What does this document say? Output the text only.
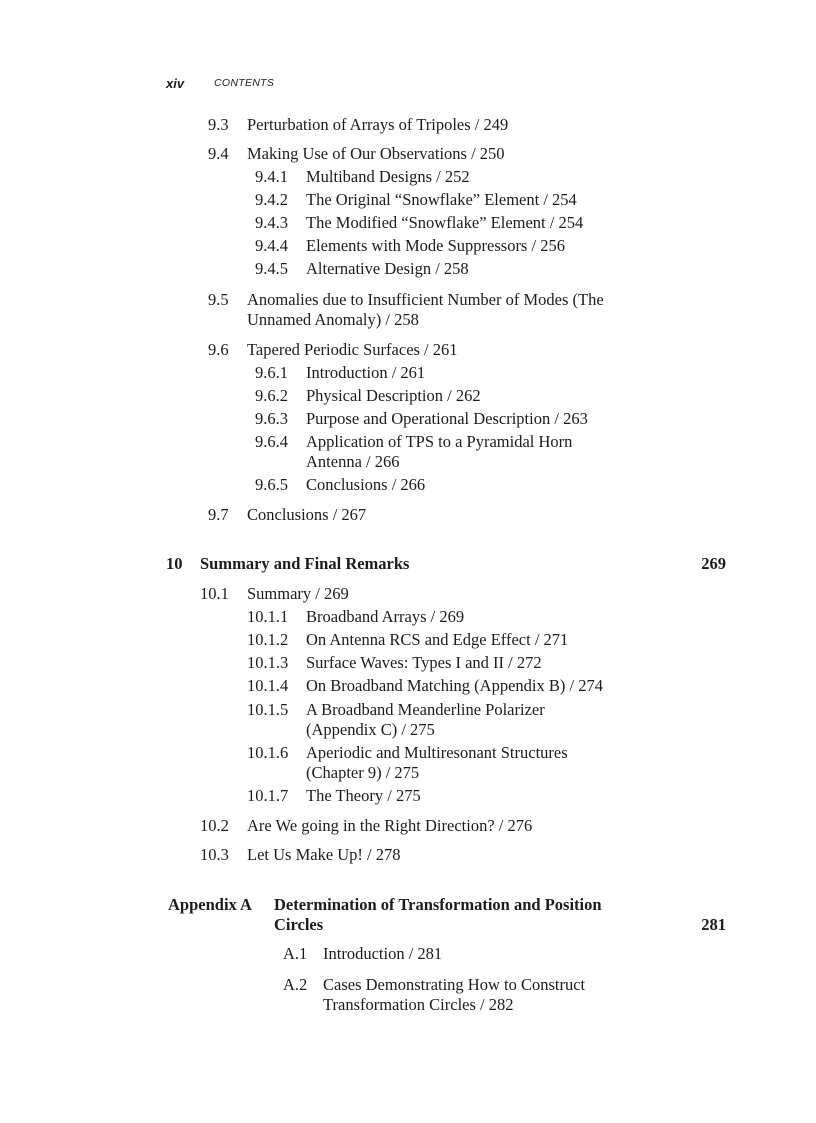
xiv	CONTENTS
9.3 Perturbation of Arrays of Tripoles / 249
9.4 Making Use of Our Observations / 250
9.4.1 Multiband Designs / 252
9.4.2 The Original “Snowflake” Element / 254
9.4.3 The Modified “Snowflake” Element / 254
9.4.4 Elements with Mode Suppressors / 256
9.4.5 Alternative Design / 258
9.5 Anomalies due to Insufficient Number of Modes (The
Unnamed Anomaly) / 258
9.6 Tapered Periodic Surfaces / 261
9.6.1 Introduction / 261
9.6.2 Physical Description / 262
9.6.3 Purpose and Operational Description / 263
9.6.4 Application of TPS to a Pyramidal Horn
Antenna / 266
9.6.5 Conclusions / 266
9.7 Conclusions / 267
10 Summary and Final Remarks	269
10.1 Summary / 269
10.1.1 Broadband Arrays / 269
10.1.2 On Antenna RCS and Edge Effect / 271
10.1.3 Surface Waves: Types I and II / 272
10.1.4 On Broadband Matching (Appendix B) / 274
10.1.5 A Broadband Meanderline Polarizer
(Appendix C) / 275
10.1.6 Aperiodic and Multiresonant Structures
(Chapter 9) / 275
10.1.7 The Theory / 275
10.2 Are We going in the Right Direction? / 276
10.3 Let Us Make Up! / 278
Appendix A Determination of Transformation and Position
Circles	281
A.1 Introduction / 281
A.2 Cases Demonstrating How to Construct
Transformation Circles / 282
